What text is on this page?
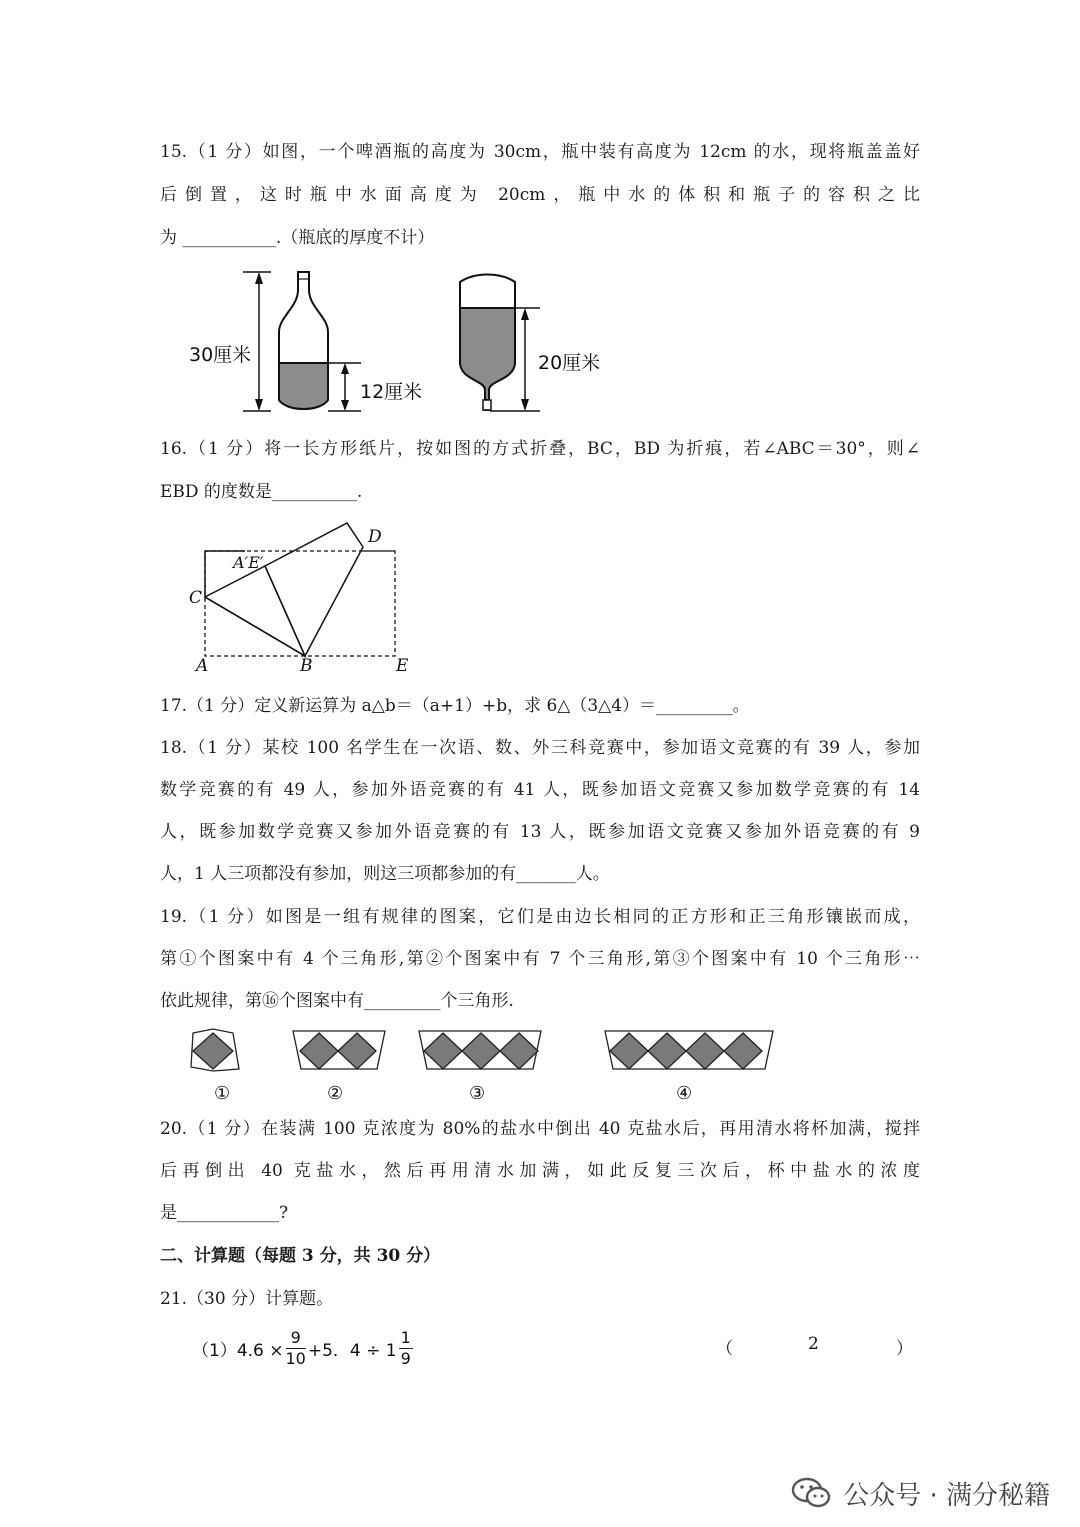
15.（1 分）如图，一个啤酒瓶的高度为 30cm，瓶中装有高度为 12cm 的水，现将瓶盖盖好
后倒置，这时瓶中水面高度为 20cm，瓶中水的体积和瓶子的容积之比
为 ___________.（瓶底的厚度不计）
30厘米
12厘米
20厘米
16.（1 分）将一长方形纸片，按如图的方式折叠，BC，BD 为折痕，若∠ABC＝30°，则∠
EBD 的度数是__________.
C
A	B	E
D
A′E′
17.（1 分）定义新运算为 a△b＝（a+1）+b，求 6△（3△4）＝_________。
18.（1 分）某校 100 名学生在一次语、数、外三科竞赛中，参加语文竞赛的有 39 人，参加
数学竞赛的有 49 人，参加外语竞赛的有 41 人，既参加语文竞赛又参加数学竞赛的有 14
人，既参加数学竞赛又参加外语竞赛的有 13 人，既参加语文竞赛又参加外语竞赛的有 9
人，1 人三项都没有参加，则这三项都参加的有_______人。
19.（1 分）如图是一组有规律的图案，它们是由边长相同的正方形和正三角形镶嵌而成，
第①个图案中有 4 个三角形,第②个图案中有 7 个三角形,第③个图案中有 10 个三角形⋯
依此规律，第⑯个图案中有_________个三角形.
①	②	③	④
20.（1 分）在装满 100 克浓度为 80%的盐水中倒出 40 克盐水后，再用清水将杯加满，搅拌
后再倒出 40 克盐水，然后再用清水加满，如此反复三次后，杯中盐水的浓度
是____________?
二、计算题（每题 3 分，共 30 分）
21.（30 分）计算题。
$(1)4.6 \times \frac{9}{10} +5$．$4 \div 1 \frac{1}{9}$	（	2	）
公众号 · 满分秘籍
